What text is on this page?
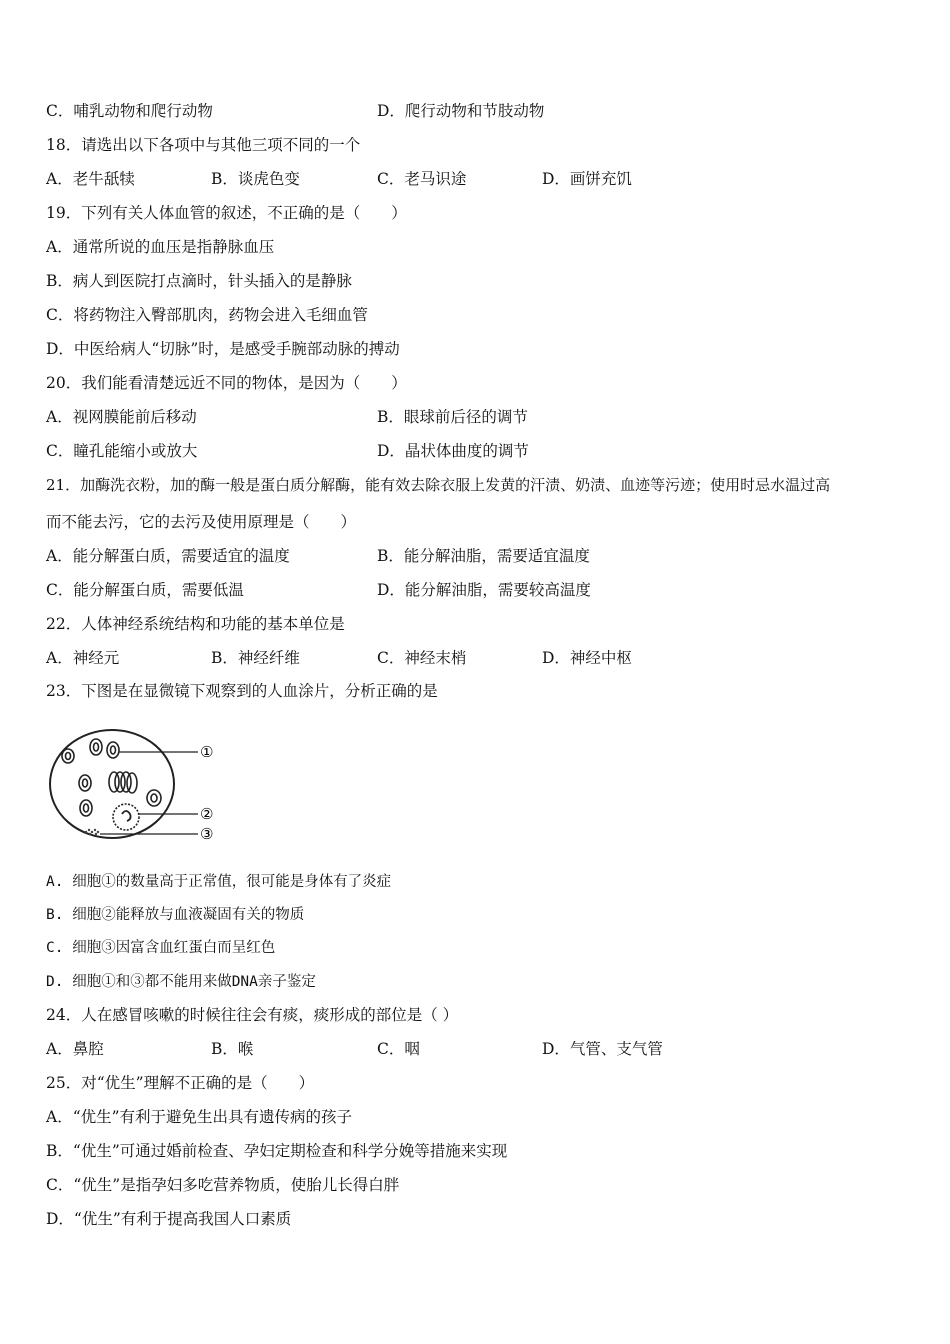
C．哺乳动物和爬行动物	D．爬行动物和节肢动物
18．请选出以下各项中与其他三项不同的一个
A．老牛舐犊	B．谈虎色变	C．老马识途	D．画饼充饥
19．下列有关人体血管的叙述，不正确的是（　　）
A．通常所说的血压是指静脉血压
B．病人到医院打点滴时，针头插入的是静脉
C．将药物注入臀部肌肉，药物会进入毛细血管
D．中医给病人“切脉”时，是感受手腕部动脉的搏动
20．我们能看清楚远近不同的物体，是因为（　　）
A．视网膜能前后移动	B．眼球前后径的调节
C．瞳孔能缩小或放大	D．晶状体曲度的调节
21．加酶洗衣粉，加的酶一般是蛋白质分解酶，能有效去除衣服上发黄的汗渍、奶渍、血迹等污迹；使用时忌水温过高
而不能去污，它的去污及使用原理是（　　）
A．能分解蛋白质，需要适宜的温度	B．能分解油脂，需要适宜温度
C．能分解蛋白质，需要低温	D．能分解油脂，需要较高温度
22．人体神经系统结构和功能的基本单位是
A．神经元	B．神经纤维	C．神经末梢	D．神经中枢
23．下图是在显微镜下观察到的人血涂片，分析正确的是
①
②
③
A. 细胞①的数量高于正常值，很可能是身体有了炎症
B. 细胞②能释放与血液凝固有关的物质
C. 细胞③因富含血红蛋白而呈红色
D. 细胞①和③都不能用来做DNA亲子鉴定
24．人在感冒咳嗽的时候往往会有痰，痰形成的部位是（ ）
A．鼻腔	B．喉	C．咽	D．气管、支气管
25．对“优生”理解不正确的是（　　）
A．“优生”有利于避免生出具有遗传病的孩子
B．“优生”可通过婚前检查、孕妇定期检查和科学分娩等措施来实现
C．“优生”是指孕妇多吃营养物质，使胎儿长得白胖
D．“优生”有利于提高我国人口素质
